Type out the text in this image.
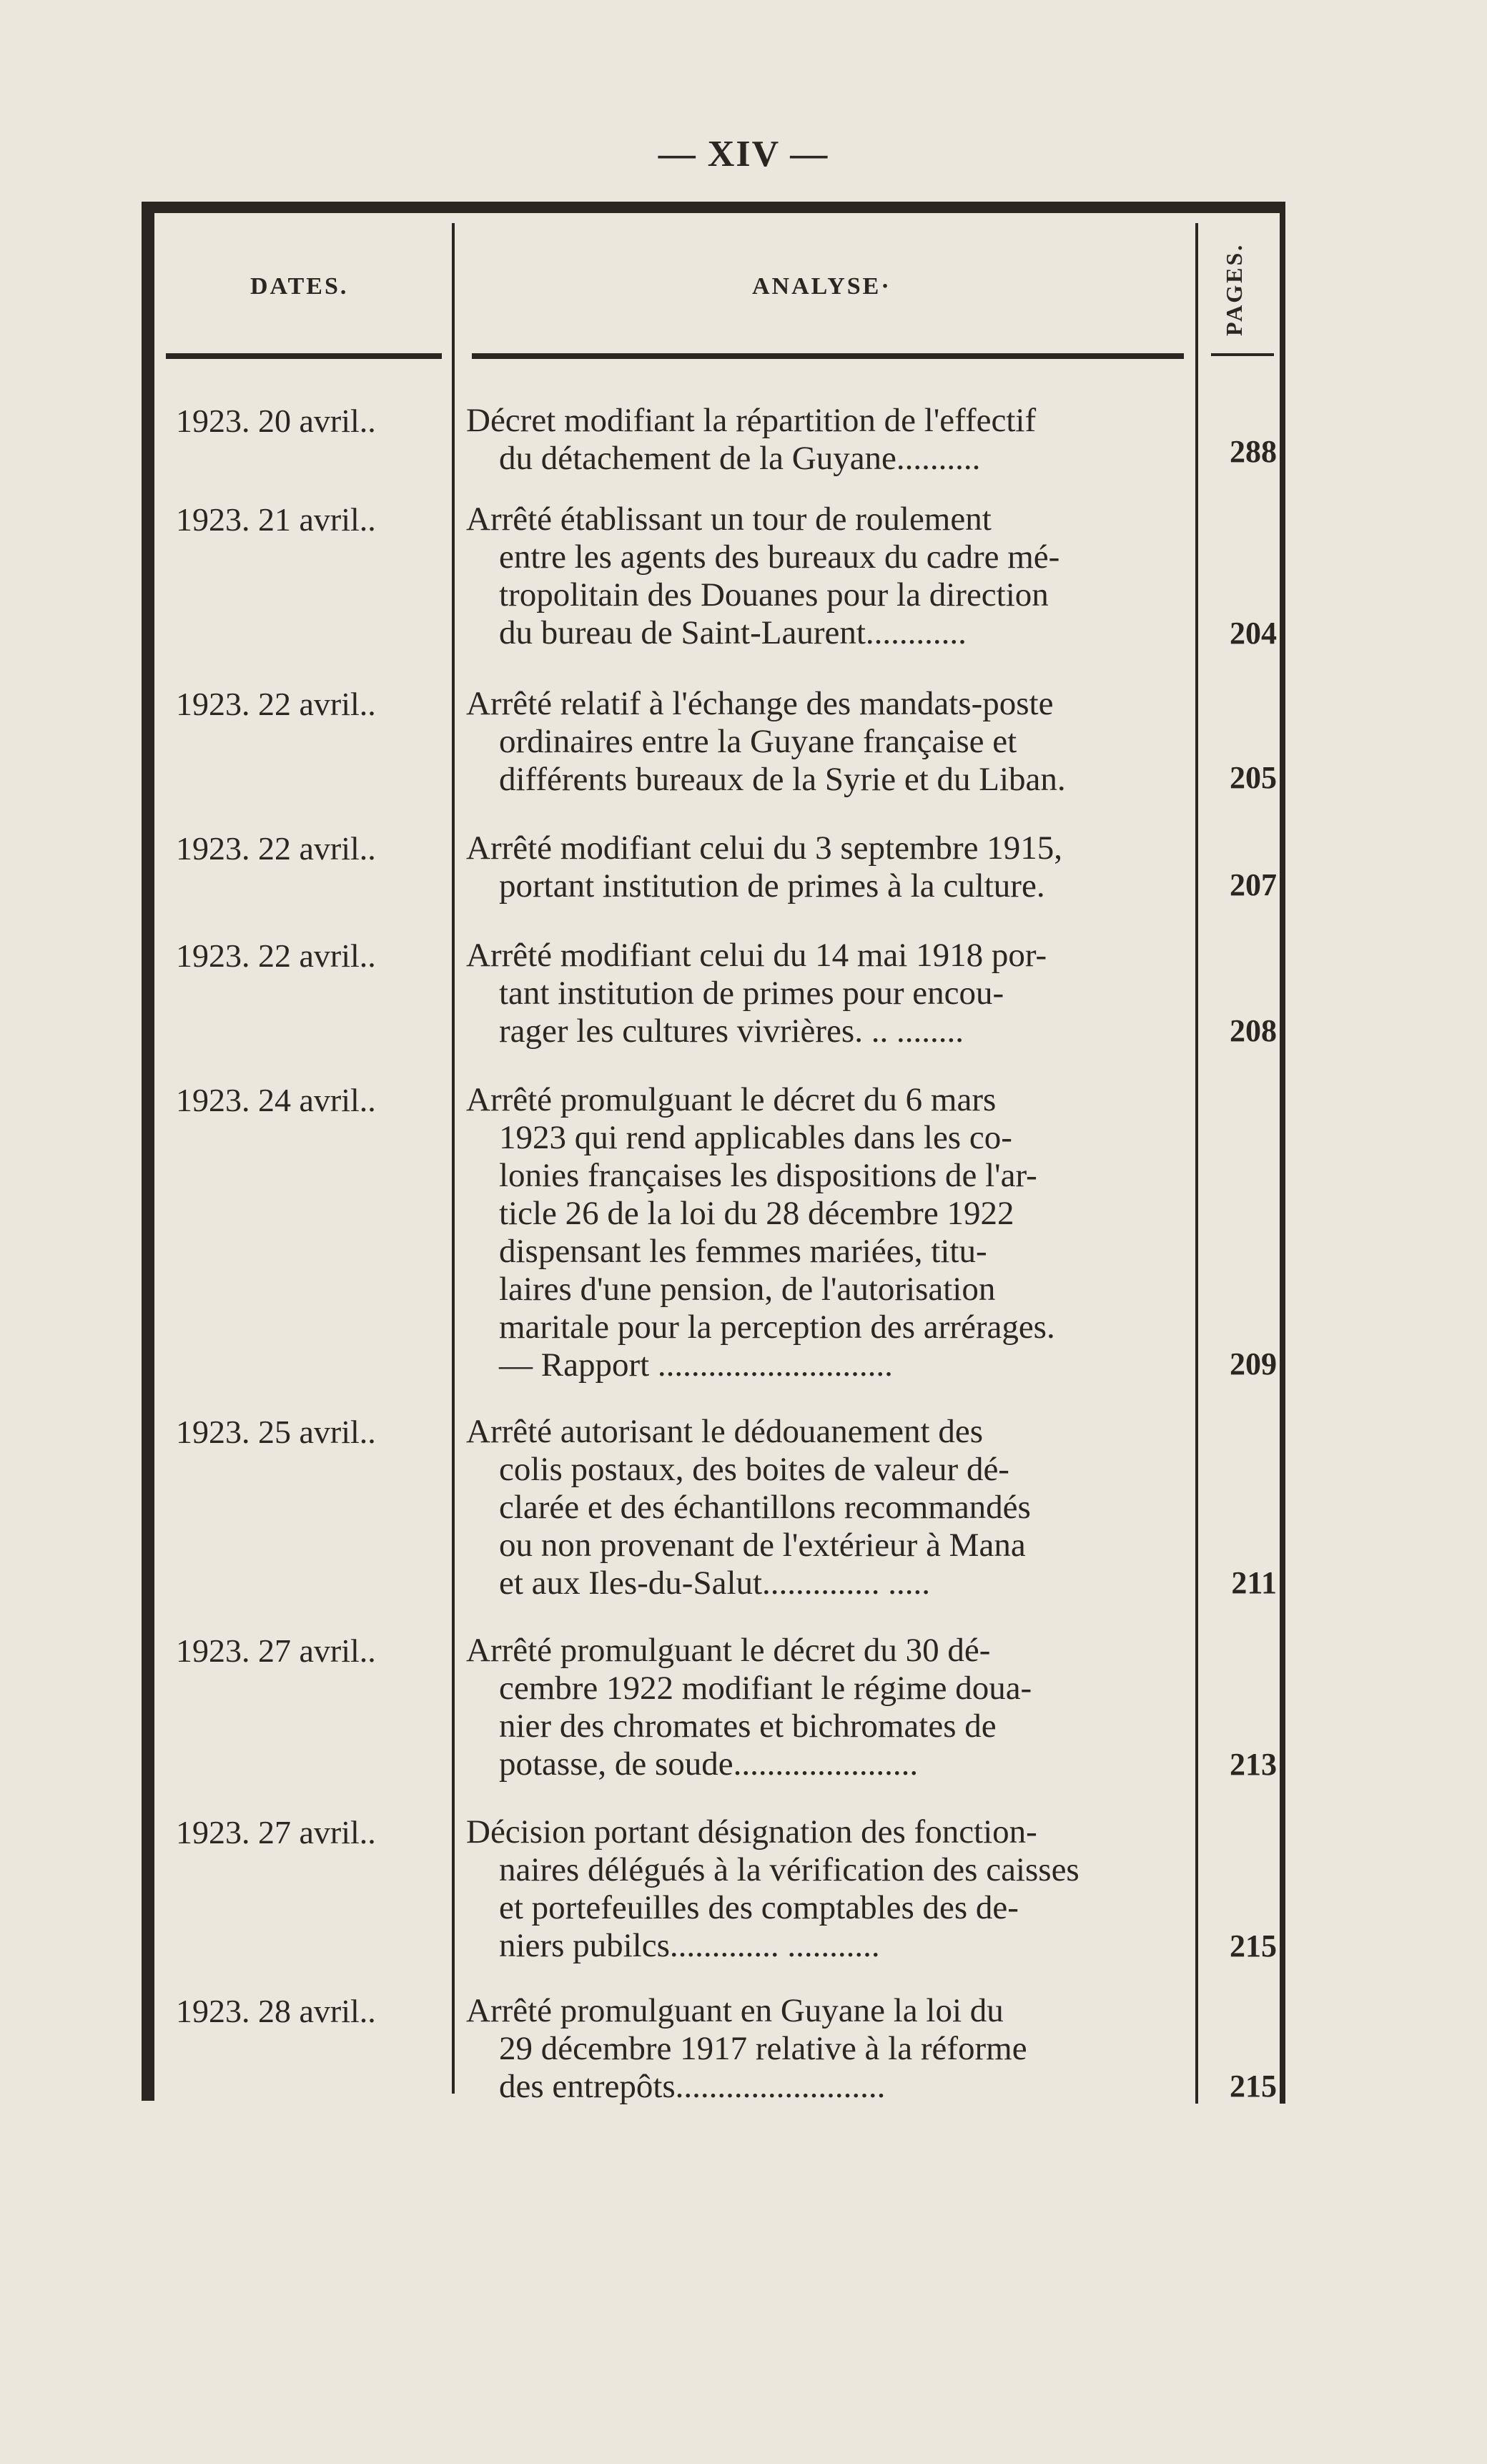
— XIV —
DATES.	ANALYSE·	PAGES.
1923. 20 avril..	Décret modifiant la répartition de l'effectif
du détachement de la Guyane..........	288
1923. 21 avril..	Arrêté établissant un tour de roulement
entre les agents des bureaux du cadre mé-
tropolitain des Douanes pour la direction
du bureau de Saint-Laurent............	204
1923. 22 avril..	Arrêté relatif à l'échange des mandats-poste
ordinaires entre la Guyane française et
différents bureaux de la Syrie et du Liban.	205
1923. 22 avril..	Arrêté modifiant celui du 3 septembre 1915,
portant institution de primes à la culture.	207
1923. 22 avril..	Arrêté modifiant celui du 14 mai 1918 por-
tant institution de primes pour encou-
rager les cultures vivrières. .. ........	208
1923. 24 avril..	Arrêté promulguant le décret du 6 mars
1923 qui rend applicables dans les co-
lonies françaises les dispositions de l'ar-
ticle 26 de la loi du 28 décembre 1922
dispensant les femmes mariées, titu-
laires d'une pension, de l'autorisation
maritale pour la perception des arrérages.
— Rapport ............................	209
1923. 25 avril..	Arrêté autorisant le dédouanement des
colis postaux, des boites de valeur dé-
clarée et des échantillons recommandés
ou non provenant de l'extérieur à Mana
et aux Iles-du-Salut.............. .....	211
1923. 27 avril..	Arrêté promulguant le décret du 30 dé-
cembre 1922 modifiant le régime doua-
nier des chromates et bichromates de
potasse, de soude......................	213
1923. 27 avril..	Décision portant désignation des fonction-
naires délégués à la vérification des caisses
et portefeuilles des comptables des de-
niers pubilcs............. ...........	215
1923. 28 avril..	Arrêté promulguant en Guyane la loi du
29 décembre 1917 relative à la réforme
des entrepôts.........................	215
